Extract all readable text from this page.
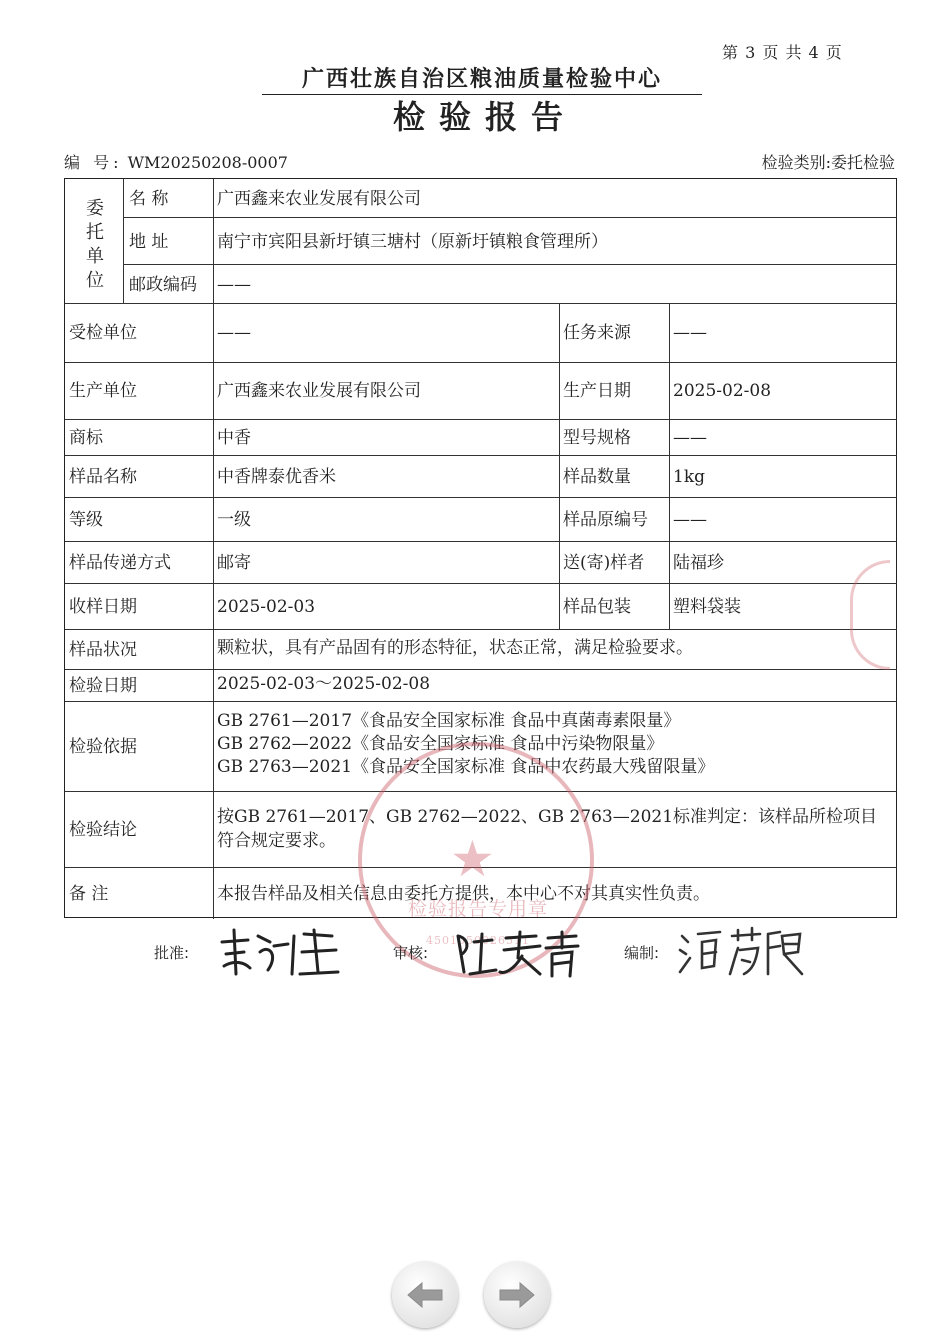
第 3 页 共 4 页
广西壮族自治区粮油质量检验中心
检验报告
编 号: WM20250208-0007	检验类别:委托检验
委
托
单
位
名 称	广西鑫来农业发展有限公司
地 址	南宁市宾阳县新圩镇三塘村（原新圩镇粮食管理所）
邮政编码 ——
受检单位	——	任务来源 ——
生产单位	广西鑫来农业发展有限公司	生产日期 2025-02-08
商标	中香	型号规格 ——
样品名称	中香牌泰优香米	样品数量 1kg
等级	一级	样品原编号 ——
样品传递方式	邮寄	送(寄)样者 陆福珍
收样日期	2025-02-03	样品包装 塑料袋装
样品状况	颗粒状，具有产品固有的形态特征，状态正常，满足检验要求。
检验日期	2025-02-03～2025-02-08
检验依据
GB 2761—2017《食品安全国家标准 食品中真菌毒素限量》
GB 2762—2022《食品安全国家标准 食品中污染物限量》
GB 2763—2021《食品安全国家标准 食品中农药最大残留限量》
检验结论
按GB 2761—2017、GB 2762—2022、GB 2763—2021标准判定：该样品所检项目符合规定要求。
备 注	本报告样品及相关信息由委托方提供，本中心不对其真实性负责。
★
检验报告专用章
4501050026511
批准:	审核:	编制:
